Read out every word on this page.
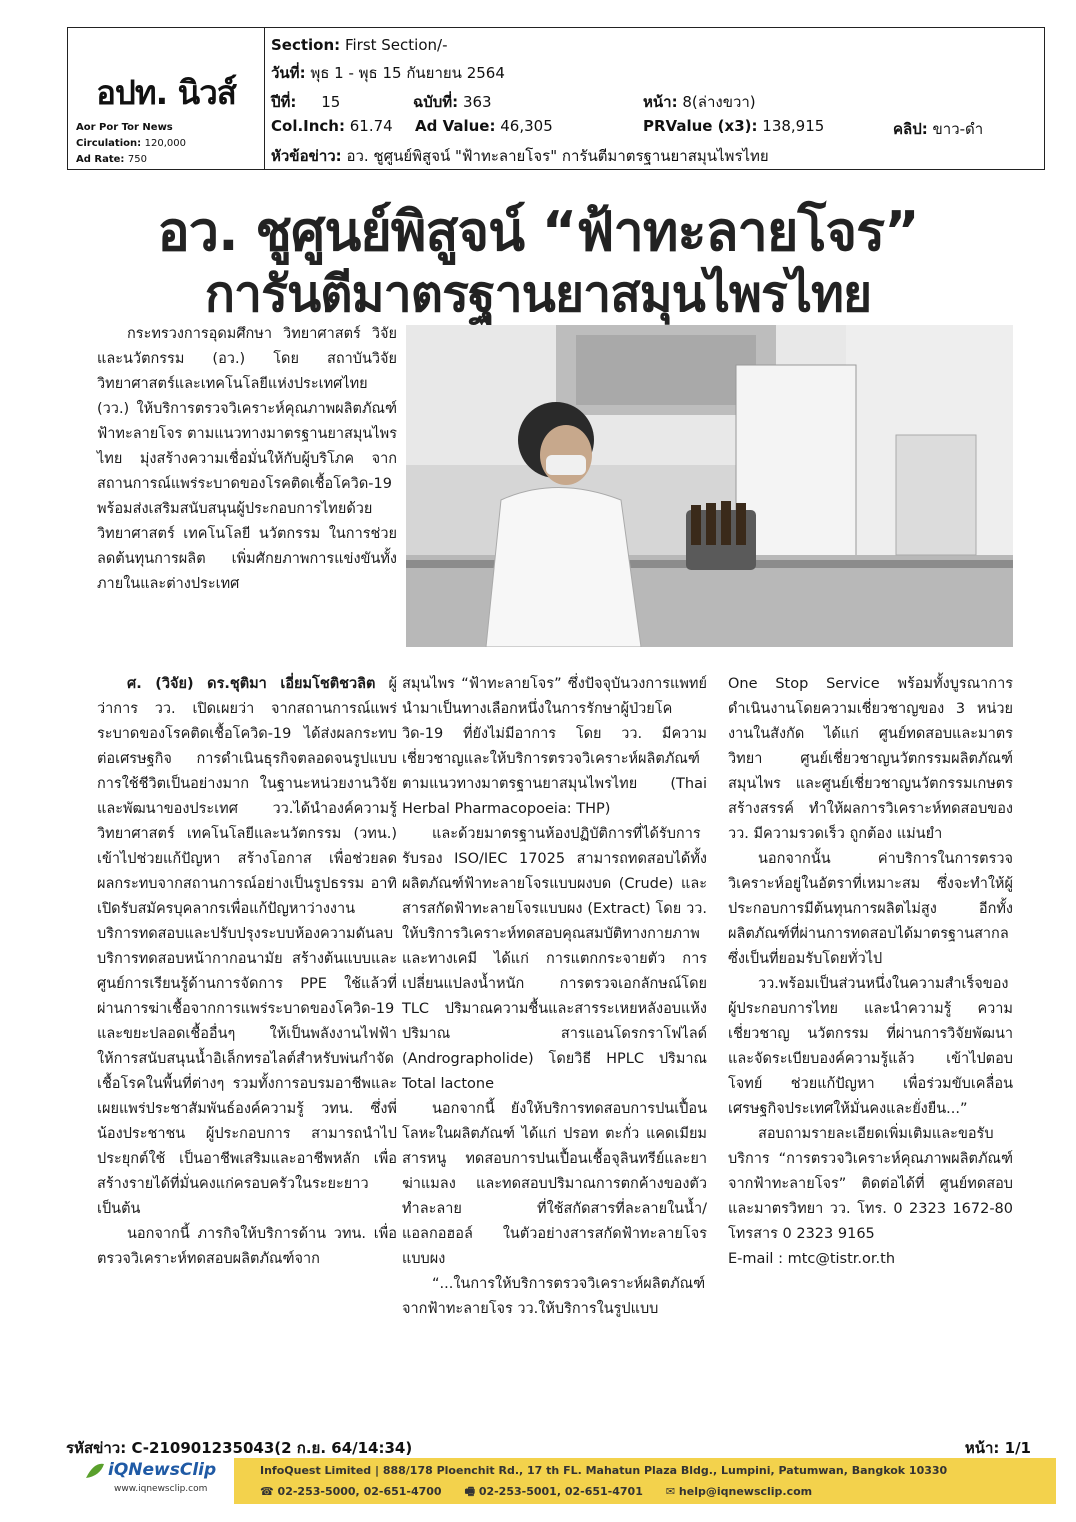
อปท. นิวส์
Aor Por Tor News
Circulation: 120,000
Ad Rate: 750
Section: First Section/-
วันที่: พุธ 1 - พุธ 15 กันยายน 2564
ปีที่: 15	ฉบับที่: 363	หน้า: 8(ล่างขวา)
Col.Inch: 61.74 Ad Value: 46,305	PRValue (x3): 138,915	คลิป: ขาว-ดำ
หัวข้อข่าว: อว. ชูศูนย์พิสูจน์ "ฟ้าทะลายโจร" การันตีมาตรฐานยาสมุนไพรไทย
อว. ชูศูนย์พิสูจน์ “ฟ้าทะลายโจร”
การันตีมาตรฐานยาสมุนไพรไทย

กระทรวงการอุดมศึกษา วิทยาศาสตร์ วิจัยและนวัตกรรม (อว.) โดย สถาบันวิจัยวิทยาศาสตร์และเทคโนโลยีแห่งประเทศไทย (วว.) ให้บริการตรวจวิเคราะห์คุณภาพผลิตภัณฑ์ฟ้าทะลายโจร ตามแนวทางมาตรฐานยาสมุนไพรไทย มุ่งสร้างความเชื่อมั่นให้กับผู้บริโภค จากสถานการณ์แพร่ระบาดของโรคติดเชื้อโควิด-19 พร้อมส่งเสริมสนับสนุนผู้ประกอบการไทยด้วยวิทยาศาสตร์ เทคโนโลยี นวัตกรรม ในการช่วยลดต้นทุนการผลิต เพิ่มศักยภาพการแข่งขันทั้งภายในและต่างประเทศ

ศ. (วิจัย) ดร.ชุติมา เอี่ยมโชติชวลิต ผู้ว่าการ วว. เปิดเผยว่า จากสถานการณ์แพร่ระบาดของโรคติดเชื้อโควิด-19 ได้ส่งผลกระทบต่อเศรษฐกิจ การดำเนินธุรกิจตลอดจนรูปแบบการใช้ชีวิตเป็นอย่างมาก ในฐานะหน่วยงานวิจัยและพัฒนาของประเทศ วว.ได้นำองค์ความรู้ วิทยาศาสตร์ เทคโนโลยีและนวัตกรรม (วทน.) เข้าไปช่วยแก้ปัญหา สร้างโอกาส เพื่อช่วยลดผลกระทบจากสถานการณ์อย่างเป็นรูปธรรม อาทิ เปิดรับสมัครบุคลากรเพื่อแก้ปัญหาว่างงาน บริการทดสอบและปรับปรุงระบบห้องความดันลบ บริการทดสอบหน้ากากอนามัย สร้างต้นแบบและศูนย์การเรียนรู้ด้านการจัดการ PPE ใช้แล้วที่ผ่านการฆ่าเชื้อจากการแพร่ระบาดของโควิด-19 และขยะปลอดเชื้ออื่นๆ ให้เป็นพลังงานไฟฟ้า ให้การสนับสนุนน้ำอิเล็กทรอไลต์สำหรับพ่นกำจัดเชื้อโรคในพื้นที่ต่างๆ รวมทั้งการอบรมอาชีพและเผยแพร่ประชาสัมพันธ์องค์ความรู้ วทน. ซึ่งพี่น้องประชาชน ผู้ประกอบการ สามารถนำไปประยุกต์ใช้ เป็นอาชีพเสริมและอาชีพหลัก เพื่อสร้างรายได้ที่มั่นคงแก่ครอบครัวในระยะยาว เป็นต้น

นอกจากนี้ ภารกิจให้บริการด้าน วทน. เพื่อตรวจวิเคราะห์ทดสอบผลิตภัณฑ์จาก

สมุนไพร “ฟ้าทะลายโจร” ซึ่งปัจจุบันวงการแพทย์นำมาเป็นทางเลือกหนึ่งในการรักษาผู้ป่วยโควิด-19 ที่ยังไม่มีอาการ โดย วว. มีความเชี่ยวชาญและให้บริการตรวจวิเคราะห์ผลิตภัณฑ์ ตามแนวทางมาตรฐานยาสมุนไพรไทย (Thai Herbal Pharmacopoeia: THP)

และด้วยมาตรฐานห้องปฏิบัติการที่ได้รับการรับรอง ISO/IEC 17025 สามารถทดสอบได้ทั้งผลิตภัณฑ์ฟ้าทะลายโจรแบบผงบด (Crude) และสารสกัดฟ้าทะลายโจรแบบผง (Extract) โดย วว. ให้บริการวิเคราะห์ทดสอบคุณสมบัติทางกายภาพและทางเคมี ได้แก่ การแตกกระจายตัว การเปลี่ยนแปลงน้ำหนัก การตรวจเอกลักษณ์โดย TLC ปริมาณความชื้นและสารระเหยหลังอบแห้ง ปริมาณ สารแอนโดรกราโฟไลด์ (Andrographolide) โดยวิธี HPLC ปริมาณ Total lactone

นอกจากนี้ ยังให้บริการทดสอบการปนเปื้อนโลหะในผลิตภัณฑ์ ได้แก่ ปรอท ตะกั่ว แคดเมียม สารหนู ทดสอบการปนเปื้อนเชื้อจุลินทรีย์และยาฆ่าแมลง และทดสอบปริมาณการตกค้างของตัวทำละลาย ที่ใช้สกัดสารที่ละลายในน้ำ/แอลกอฮอล์ ในตัวอย่างสารสกัดฟ้าทะลายโจรแบบผง

“...ในการให้บริการตรวจวิเคราะห์ผลิตภัณฑ์จากฟ้าทะลายโจร วว.ให้บริการในรูปแบบ

One Stop Service พร้อมทั้งบูรณาการดำเนินงานโดยความเชี่ยวชาญของ 3 หน่วยงานในสังกัด ได้แก่ ศูนย์ทดสอบและมาตรวิทยา ศูนย์เชี่ยวชาญนวัตกรรมผลิตภัณฑ์สมุนไพร และศูนย์เชี่ยวชาญนวัตกรรมเกษตรสร้างสรรค์ ทำให้ผลการวิเคราะห์ทดสอบของ วว. มีความรวดเร็ว ถูกต้อง แม่นยำ

นอกจากนั้น ค่าบริการในการตรวจวิเคราะห์อยู่ในอัตราที่เหมาะสม ซึ่งจะทำให้ผู้ประกอบการมีต้นทุนการผลิตไม่สูง อีกทั้งผลิตภัณฑ์ที่ผ่านการทดสอบได้มาตรฐานสากล ซึ่งเป็นที่ยอมรับโดยทั่วไป

วว.พร้อมเป็นส่วนหนึ่งในความสำเร็จของผู้ประกอบการไทย และนำความรู้ ความเชี่ยวชาญ นวัตกรรม ที่ผ่านการวิจัยพัฒนาและจัดระเบียบองค์ความรู้แล้ว เข้าไปตอบโจทย์ ช่วยแก้ปัญหา เพื่อร่วมขับเคลื่อนเศรษฐกิจประเทศให้มั่นคงและยั่งยืน...”

สอบถามรายละเอียดเพิ่มเติมและขอรับบริการ “การตรวจวิเคราะห์คุณภาพผลิตภัณฑ์จากฟ้าทะลายโจร” ติดต่อได้ที่ ศูนย์ทดสอบและมาตรวิทยา วว. โทร. 0 2323 1672-80 โทรสาร 0 2323 9165

E-mail : mtc@tistr.or.th

รหัสข่าว: C-210901235043(2 ก.ย. 64/14:34)	หน้า: 1/1
iQNewsClip
www.iqnewsclip.com
InfoQuest Limited | 888/178 Ploenchit Rd., 17 th FL. Mahatun Plaza Bldg., Lumpini, Patumwan, Bangkok 10330
☎ 02-253-5000, 02-651-4700 🖷 02-253-5001, 02-651-4701 ✉ help@iqnewsclip.com
